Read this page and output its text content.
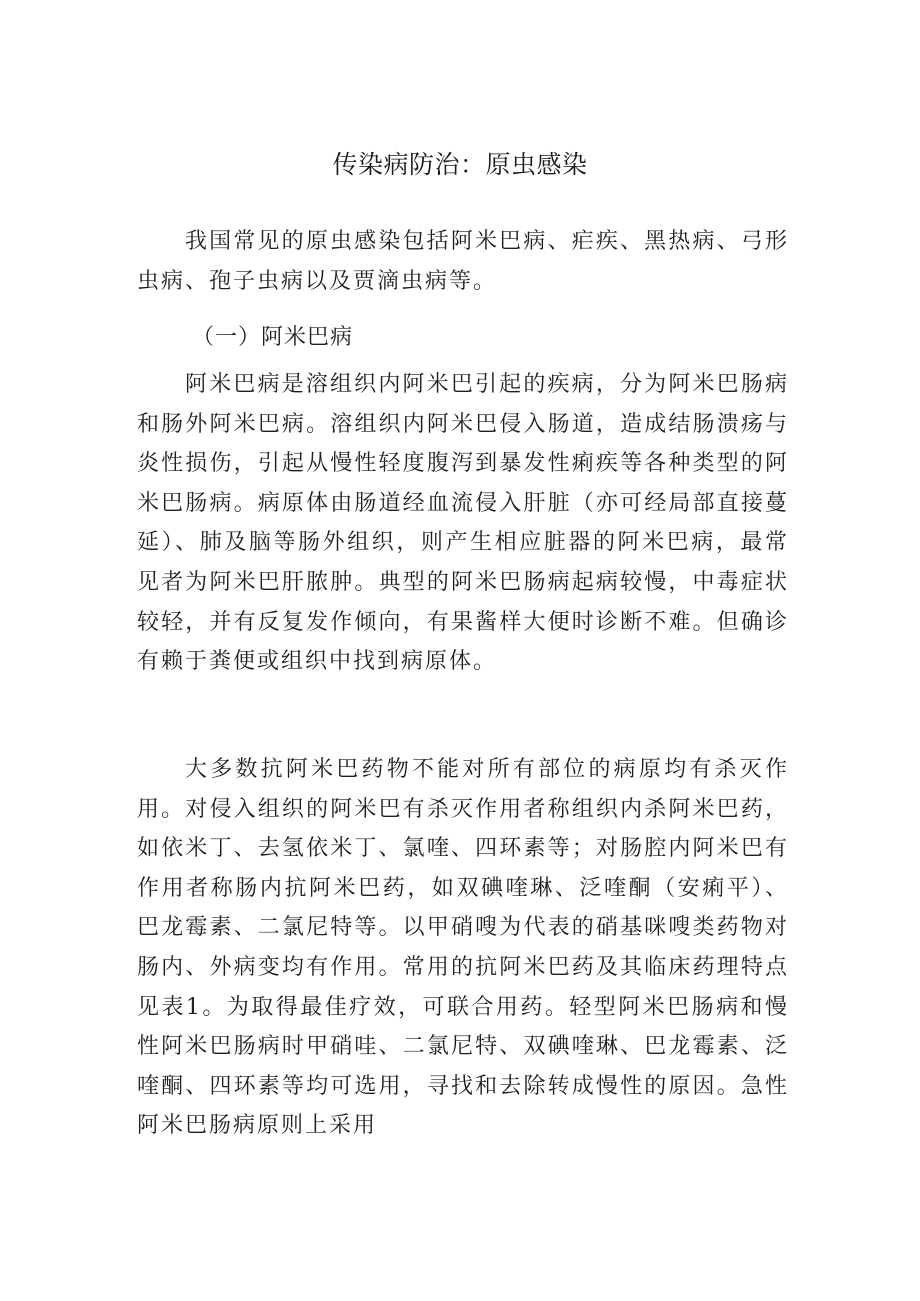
传染病防治：原虫感染
我国常见的原虫感染包括阿米巴病、疟疾、黑热病、弓形虫病、孢子虫病以及贾滴虫病等。
（一）阿米巴病
阿米巴病是溶组织内阿米巴引起的疾病，分为阿米巴肠病和肠外阿米巴病。溶组织内阿米巴侵入肠道，造成结肠溃疡与炎性损伤，引起从慢性轻度腹泻到暴发性痢疾等各种类型的阿米巴肠病。病原体由肠道经血流侵入肝脏（亦可经局部直接蔓延）、肺及脑等肠外组织，则产生相应脏器的阿米巴病，最常见者为阿米巴肝脓肿。典型的阿米巴肠病起病较慢，中毒症状较轻，并有反复发作倾向，有果酱样大便时诊断不难。但确诊有赖于粪便或组织中找到病原体。
大多数抗阿米巴药物不能对所有部位的病原均有杀灭作用。对侵入组织的阿米巴有杀灭作用者称组织内杀阿米巴药，如依米丁、去氢依米丁、氯喹、四环素等；对肠腔内阿米巴有作用者称肠内抗阿米巴药，如双碘喹琳、泛喹酮（安痢平）、巴龙霉素、二氯尼特等。以甲硝嗖为代表的硝基咪嗖类药物对肠内、外病变均有作用。常用的抗阿米巴药及其临床药理特点见表1。为取得最佳疗效，可联合用药。轻型阿米巴肠病和慢性阿米巴肠病时甲硝哇、二氯尼特、双碘喹琳、巴龙霉素、泛喹酮、四环素等均可选用，寻找和去除转成慢性的原因。急性阿米巴肠病原则上采用
